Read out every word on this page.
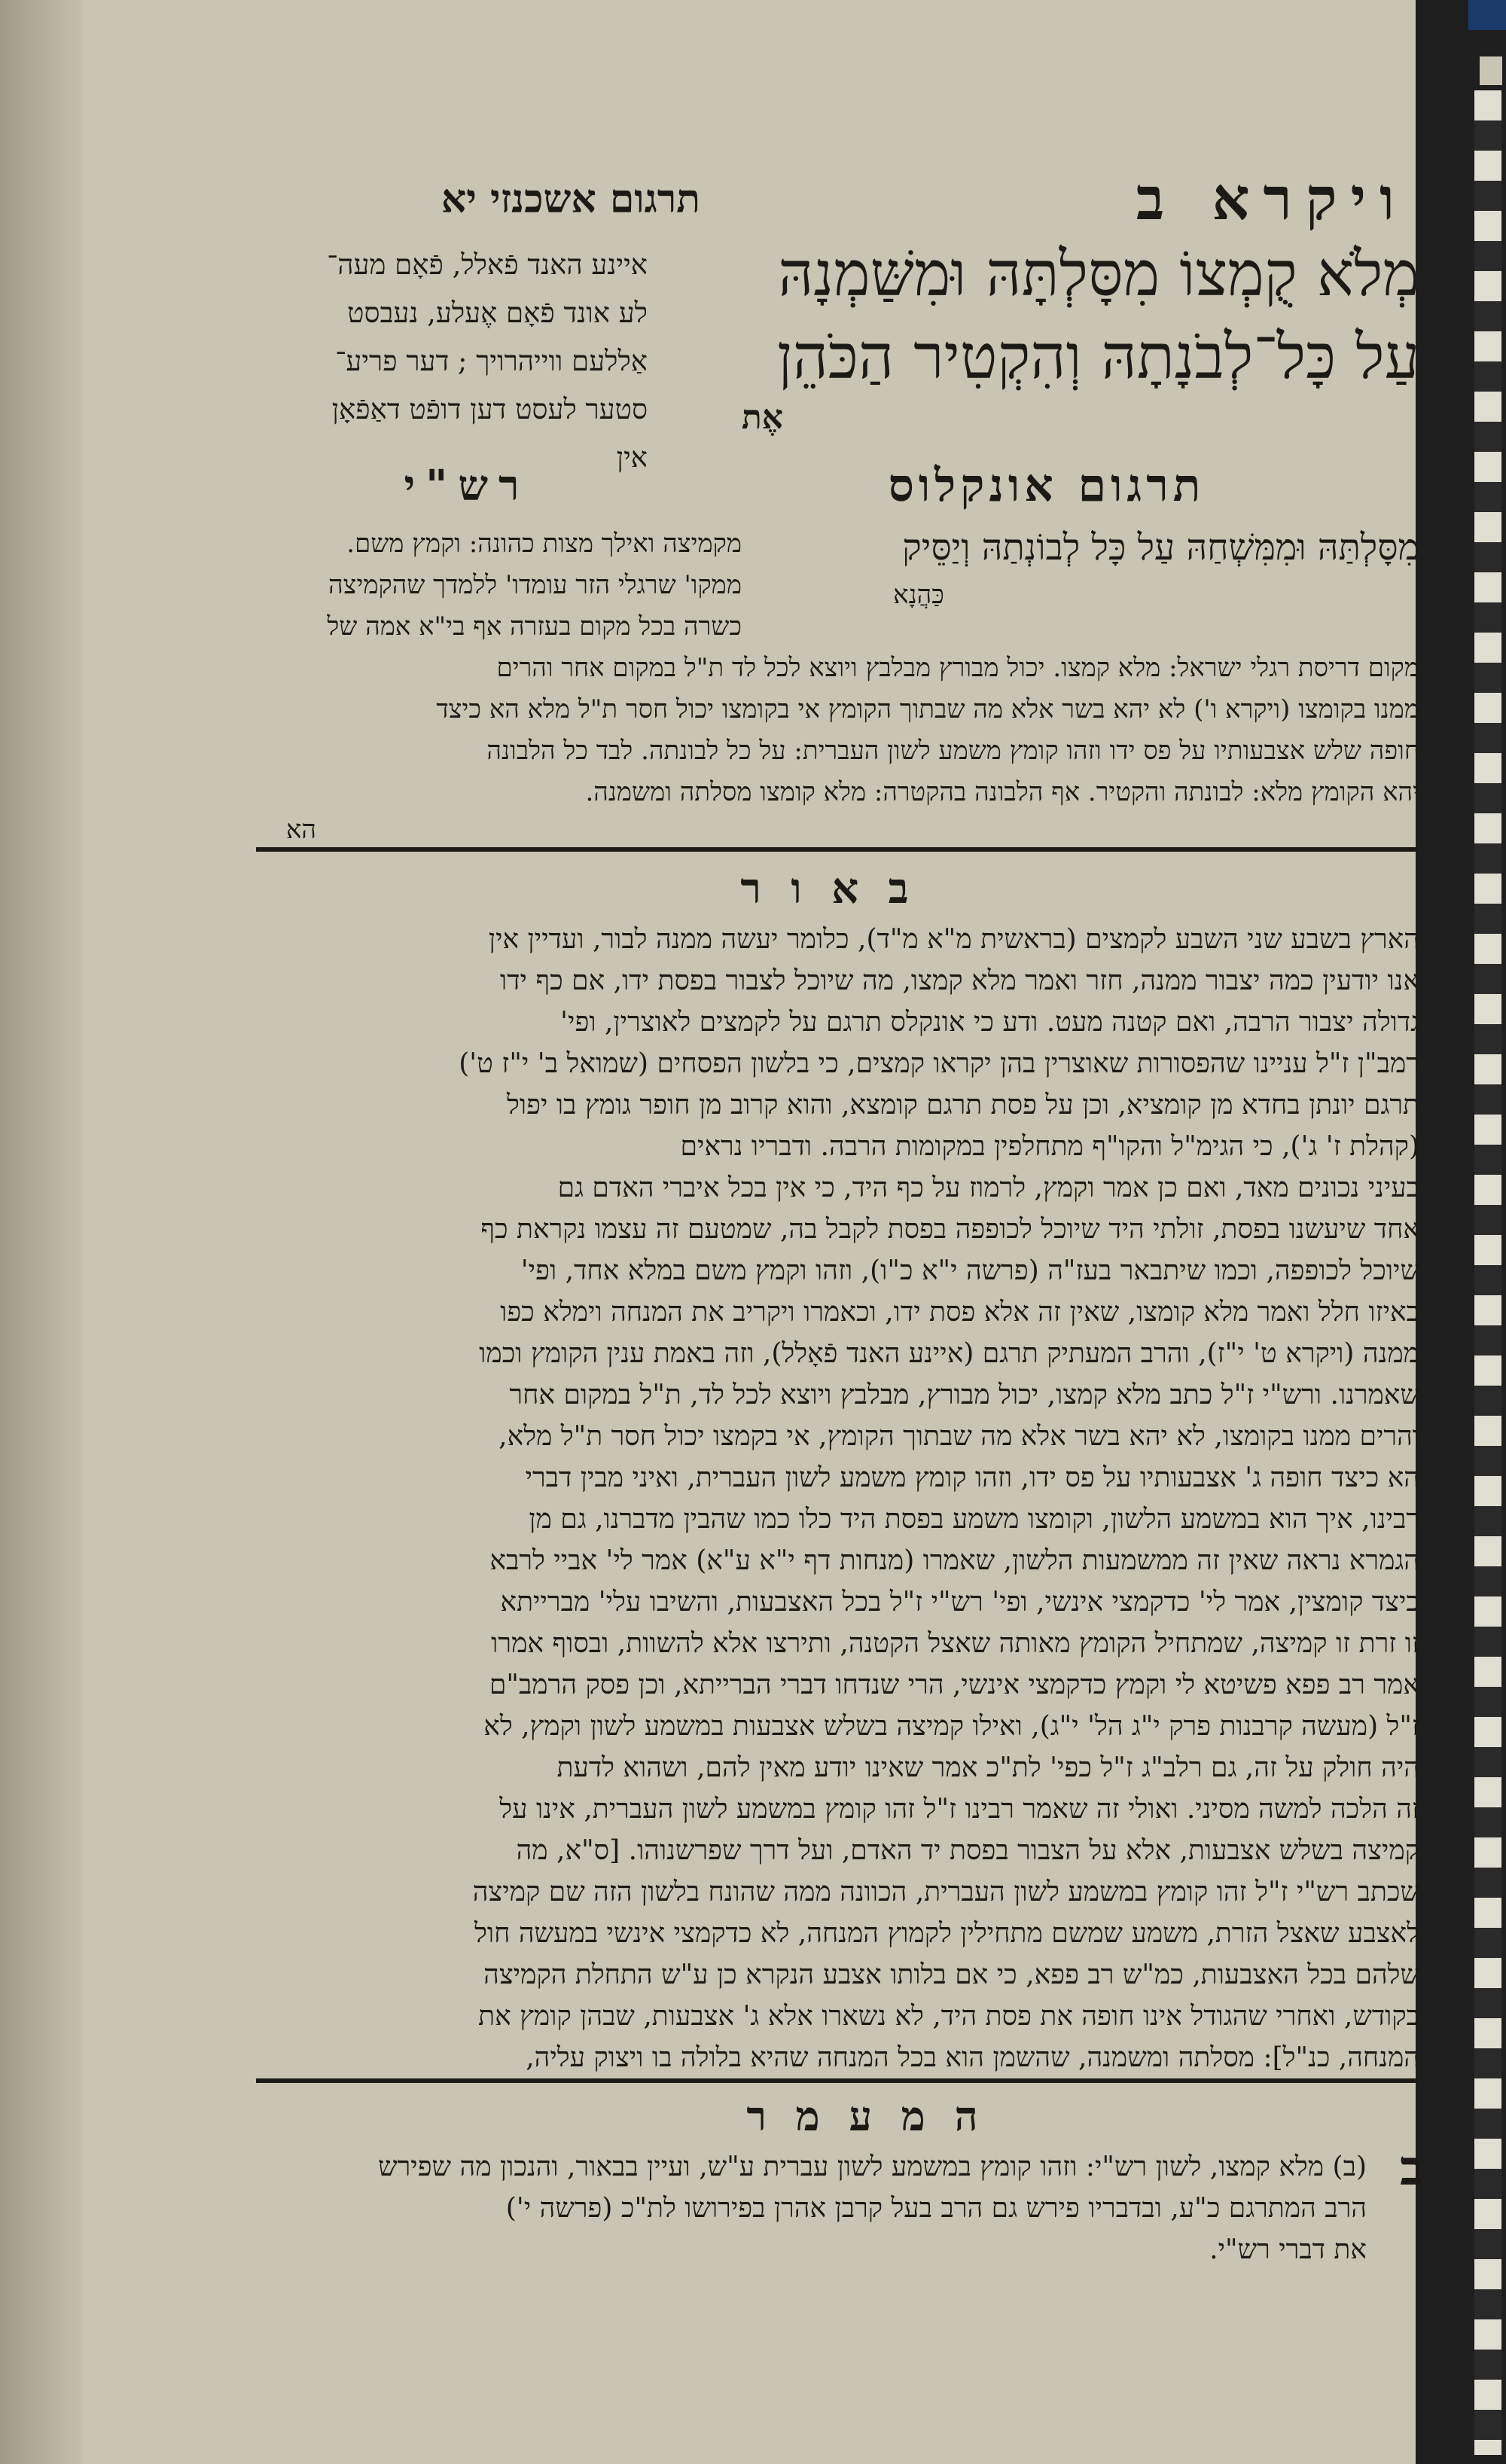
ויקרא ב
תרגום אשכנזי יא
מְלֹא קֻמְצוֹ מִסָּלְתָּהּ וּמִשַּׁמְנָהּ
עַל כָּל־לְבֹנָתָהּ וְהִקְטִיר הַכֹּהֵן
אֶת
איינע האנד פֿאלל, פֿאָם מעה־
לע אונד פֿאָם אֶעלע, נעבסט
אַללעם ווייהרויך ; דער פריע־
סטער לעסט דען דופֿט דאַפֿאָן
אין
תרגום אונקלוס
מִסָּלְתַּהּ וּמִמִּשְׁחַהּ עַל כָּל לְבוֹנְתַהּ וְיַסֵּיק
כַּהֲנָא
רש"י
מקמיצה ואילך מצות כהונה: וקמץ משם.
ממקו' שרגלי הזר עומדו' ללמדך שהקמיצה
כשרה בכל מקום בעזרה אף בי"א אמה של
מקום דריסת רגלי ישראל: מלא קמצו. יכול מבורץ מבלבץ ויוצא לכל לד ת"ל במקום אחר והרים
ממנו בקומצו (ויקרא ו') לא יהא בשר אלא מה שבתוך הקומץ אי בקומצו יכול חסר ת"ל מלא הא כיצד
חופה שלש אצבעותיו על פס ידו וזהו קומץ משמע לשון העברית: על כל לבונתה. לבד כל הלבונה
יהא הקומץ מלא: לבונתה והקטיר. אף הלבונה בהקטרה: מלא קומצו מסלתה ומשמנה.
הא
ב א ו ר
הארץ בשבע שני השבע לקמצים (בראשית מ"א מ"ד), כלומר יעשה ממנה לבור, ועדיין אין
אנו יודעין כמה יצבור ממנה, חזר ואמר מלא קמצו, מה שיוכל לצבור בפסת ידו, אם כף ידו
גדולה יצבור הרבה, ואם קטנה מעט. ודע כי אונקלס תרגם על לקמצים לאוצרין, ופי'
רמב"ן ז"ל עניינו שהפסורות שאוצרין בהן יקראו קמצים, כי בלשון הפסחים (שמואל ב' י"ז ט')
תרגם יונתן בחדא מן קומציא, וכן על פסת תרגם קומצא, והוא קרוב מן חופר גומץ בו יפול
(קהלת ז' ג'), כי הגימ"ל והקו"ף מתחלפין במקומות הרבה. ודבריו נראים
בעיני נכונים מאד, ואם כן אמר וקמץ, לרמוז על כף היד, כי אין בכל איברי האדם גם
אחד שיעשנו בפסת, זולתי היד שיוכל לכופפה בפסת לקבל בה, שמטעם זה עצמו נקראת כף
שיוכל לכופפה, וכמו שיתבאר בעז"ה (פרשה י"א כ"ו), וזהו וקמץ משם במלא אחד, ופי'
באיזו חלל ואמר מלא קומצו, שאין זה אלא פסת ידו, וכאמרו ויקריב את המנחה וימלא כפו
ממנה (ויקרא ט' י"ז), והרב המעתיק תרגם (איינע האנד פֿאָלל), וזה באמת ענין הקומץ וכמו
שאמרנו. ורש"י ז"ל כתב מלא קמצו, יכול מבורץ, מבלבץ ויוצא לכל לד, ת"ל במקום אחר
והרים ממנו בקומצו, לא יהא בשר אלא מה שבתוך הקומץ, אי בקמצו יכול חסר ת"ל מלא,
הא כיצד חופה ג' אצבעותיו על פס ידו, וזהו קומץ משמע לשון העברית, ואיני מבין דברי
רבינו, איך הוא במשמע הלשון, וקומצו משמע בפסת היד כלו כמו שהבין מדברנו, גם מן
הגמרא נראה שאין זה ממשמעות הלשון, שאמרו (מנחות דף י"א ע"א) אמר לי' אביי לרבא
כיצד קומצין, אמר לי' כדקמצי אינשי, ופי' רש"י ז"ל בכל האצבעות, והשיבו עלי' מברייתא
זו זרת זו קמיצה, שמתחיל הקומץ מאותה שאצל הקטנה, ותירצו אלא להשוות, ובסוף אמרו
אמר רב פפא פשיטא לי וקמץ כדקמצי אינשי, הרי שנדחו דברי הברייתא, וכן פסק הרמב"ם
ז"ל (מעשה קרבנות פרק י"ג הל' י"ג), ואילו קמיצה בשלש אצבעות במשמע לשון וקמץ, לא
היה חולק על זה, גם רלב"ג ז"ל כפי' לת"כ אמר שאינו יודע מאין להם, ושהוא לדעת
זה הלכה למשה מסיני. ואולי זה שאמר רבינו ז"ל זהו קומץ במשמע לשון העברית, אינו על
קמיצה בשלש אצבעות, אלא על הצבור בפסת יד האדם, ועל דרך שפרשנוהו. [ס"א, מה
שכתב רש"י ז"ל זהו קומץ במשמע לשון העברית, הכוונה ממה שהונח בלשון הזה שם קמיצה
לאצבע שאצל הזרת, משמע שמשם מתחילין לקמוץ המנחה, לא כדקמצי אינשי במעשה חול
שלהם בכל האצבעות, כמ"ש רב פפא, כי אם בלותו אצבע הנקרא כן ע"ש התחלת הקמיצה
בקודש, ואחרי שהגודל אינו חופה את פסת היד, לא נשארו אלא ג' אצבעות, שבהן קומץ את
המנחה, כנ"ל]: מסלתה ומשמנה, שהשמן הוא בכל המנחה שהיא בלולה בו ויצוק עליה,
ה מ ע מ ר
ב
(ב) מלא קמצו, לשון רש"י: וזהו קומץ במשמע לשון עברית ע"ש, ועיין בבאור, והנכון מה שפירש
הרב המתרגם כ"ע, ובדבריו פירש גם הרב בעל קרבן אהרן בפירושו לת"כ (פרשה י')
את דברי רש"י.
